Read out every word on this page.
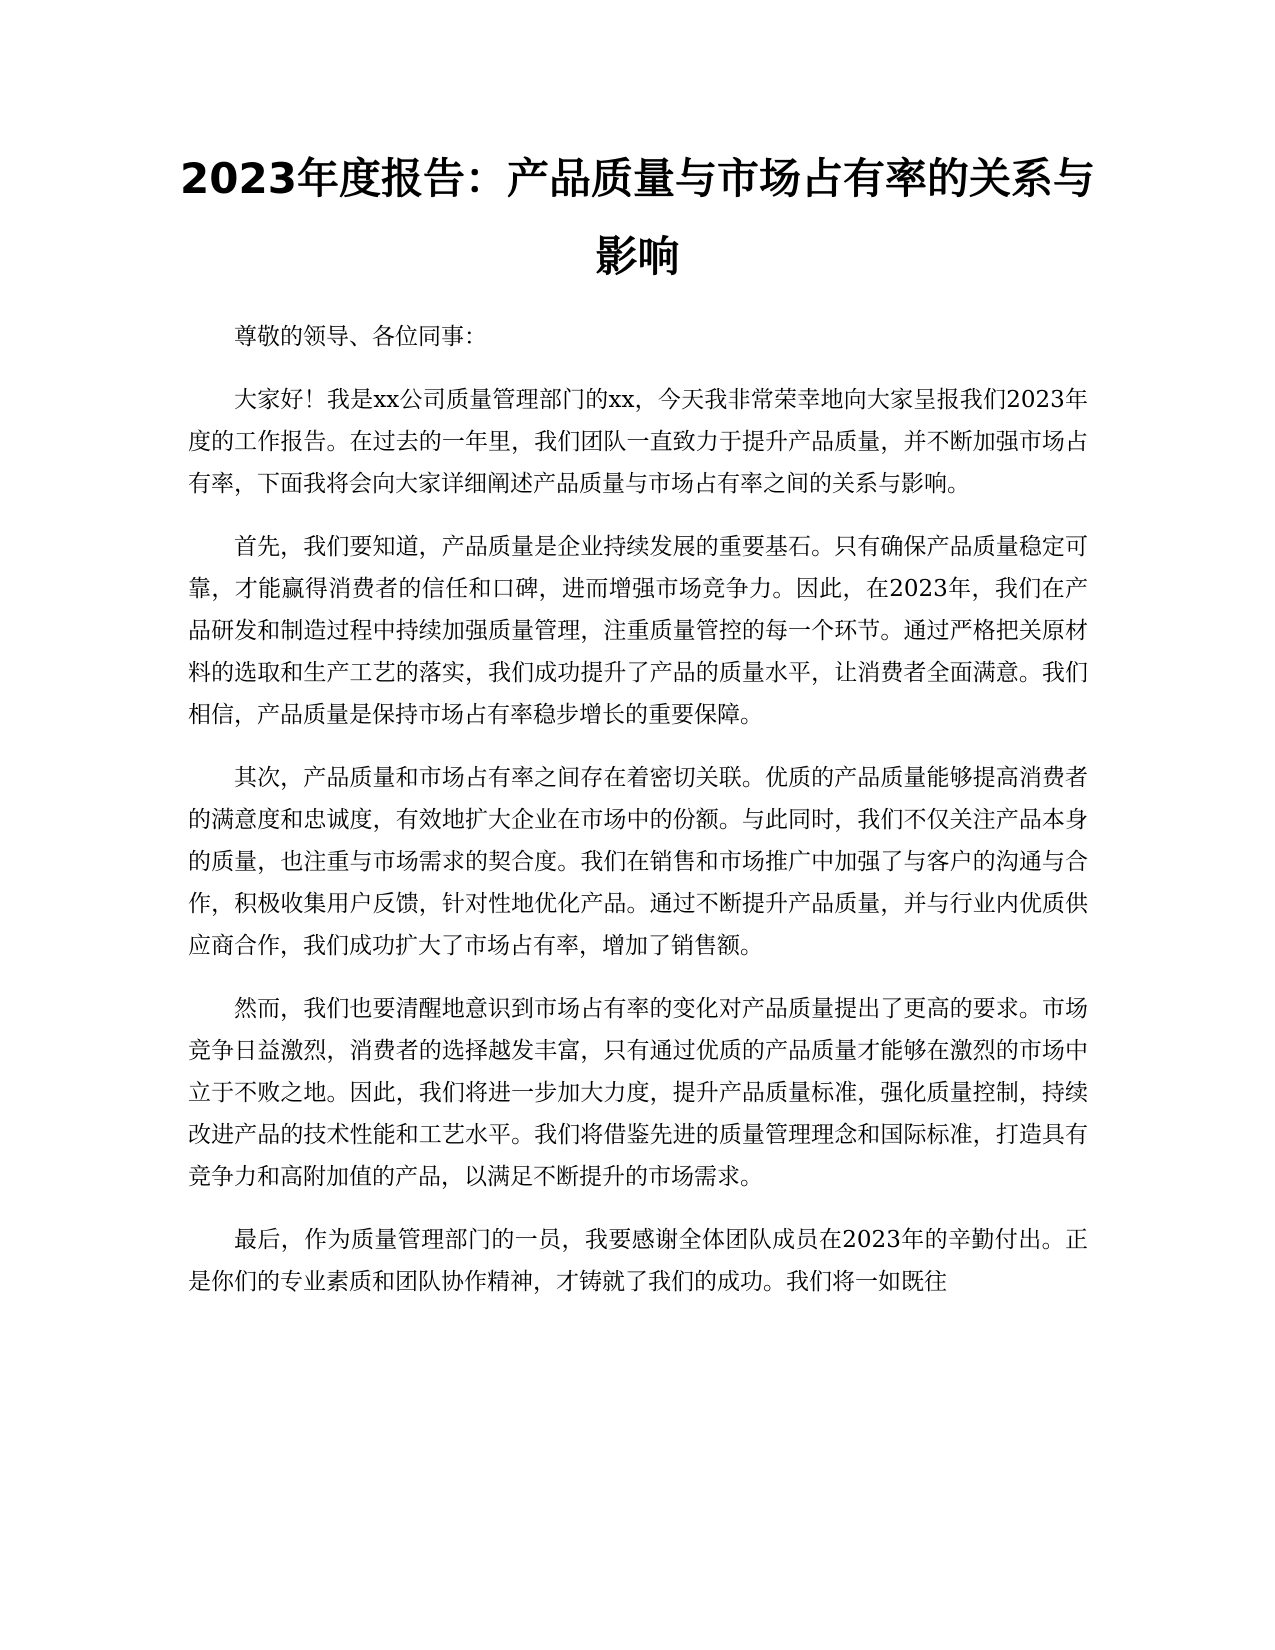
2023年度报告：产品质量与市场占有率的关系与影响

尊敬的领导、各位同事：

大家好！我是xx公司质量管理部门的xx，今天我非常荣幸地向大家呈报我们2023年度的工作报告。在过去的一年里，我们团队一直致力于提升产品质量，并不断加强市场占有率，下面我将会向大家详细阐述产品质量与市场占有率之间的关系与影响。

首先，我们要知道，产品质量是企业持续发展的重要基石。只有确保产品质量稳定可靠，才能赢得消费者的信任和口碑，进而增强市场竞争力。因此，在2023年，我们在产品研发和制造过程中持续加强质量管理，注重质量管控的每一个环节。通过严格把关原材料的选取和生产工艺的落实，我们成功提升了产品的质量水平，让消费者全面满意。我们相信，产品质量是保持市场占有率稳步增长的重要保障。

其次，产品质量和市场占有率之间存在着密切关联。优质的产品质量能够提高消费者的满意度和忠诚度，有效地扩大企业在市场中的份额。与此同时，我们不仅关注产品本身的质量，也注重与市场需求的契合度。我们在销售和市场推广中加强了与客户的沟通与合作，积极收集用户反馈，针对性地优化产品。通过不断提升产品质量，并与行业内优质供应商合作，我们成功扩大了市场占有率，增加了销售额。

然而，我们也要清醒地意识到市场占有率的变化对产品质量提出了更高的要求。市场竞争日益激烈，消费者的选择越发丰富，只有通过优质的产品质量才能够在激烈的市场中立于不败之地。因此，我们将进一步加大力度，提升产品质量标准，强化质量控制，持续改进产品的技术性能和工艺水平。我们将借鉴先进的质量管理理念和国际标准，打造具有竞争力和高附加值的产品，以满足不断提升的市场需求。

最后，作为质量管理部门的一员，我要感谢全体团队成员在2023年的辛勤付出。正是你们的专业素质和团队协作精神，才铸就了我们的成功。我们将一如既往
